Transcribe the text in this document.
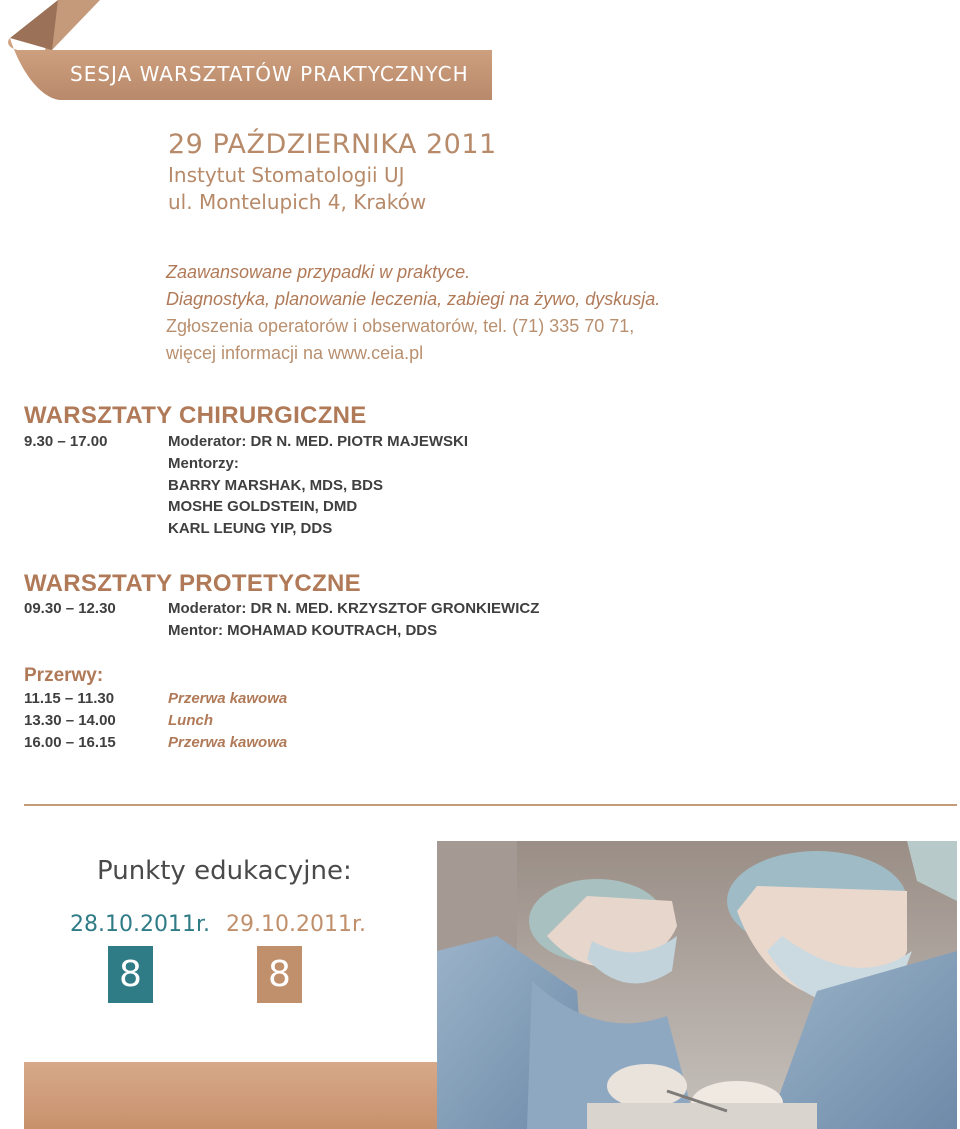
SESJA WARSZTATÓW PRAKTYCZNYCH
29 PAŹDZIERNIKA 2011
Instytut Stomatologii UJ
ul. Montelupich 4, Kraków
Zaawansowane przypadki w praktyce.
Diagnostyka, planowanie leczenia, zabiegi na żywo, dyskusja.
Zgłoszenia operatorów i obserwatorów, tel. (71) 335 70 71,
więcej informacji na www.ceia.pl
WARSZTATY CHIRURGICZNE
9.30 – 17.00	Moderator: DR N. MED. PIOTR MAJEWSKI
Mentorzy:
BARRY MARSHAK, MDS, BDS
MOSHE GOLDSTEIN, DMD
KARL LEUNG YIP, DDS
WARSZTATY PROTETYCZNE
09.30 – 12.30	Moderator: DR N. MED. KRZYSZTOF GRONKIEWICZ
Mentor: MOHAMAD KOUTRACH, DDS
Przerwy:
11.15 – 11.30	Przerwa kawowa
13.30 – 14.00	Lunch
16.00 – 16.15	Przerwa kawowa
Punkty edukacyjne:
28.10.2011r. 29.10.2011r.
8	8
